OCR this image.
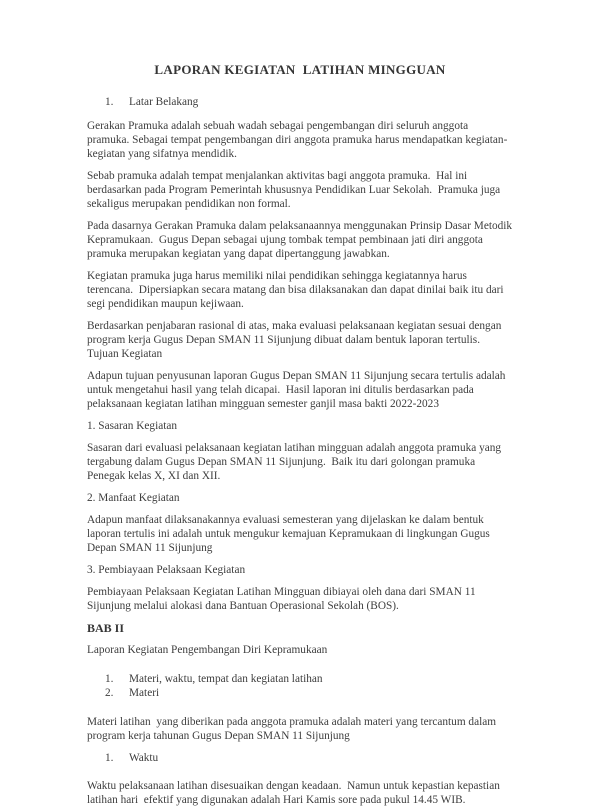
LAPORAN KEGIATAN  LATIHAN MINGGUAN
1. Latar Belakang

Gerakan Pramuka adalah sebuah wadah sebagai pengembangan diri seluruh anggota pramuka. Sebagai tempat pengembangan diri anggota pramuka harus mendapatkan kegiatan-kegiatan yang sifatnya mendidik.

Sebab pramuka adalah tempat menjalankan aktivitas bagi anggota pramuka.  Hal ini berdasarkan pada Program Pemerintah khususnya Pendidikan Luar Sekolah.  Pramuka juga sekaligus merupakan pendidikan non formal.

Pada dasarnya Gerakan Pramuka dalam pelaksanaannya menggunakan Prinsip Dasar Metodik Kepramukaan.  Gugus Depan sebagai ujung tombak tempat pembinaan jati diri anggota pramuka merupakan kegiatan yang dapat dipertanggung jawabkan.

Kegiatan pramuka juga harus memiliki nilai pendidikan sehingga kegiatannya harus terencana.  Dipersiapkan secara matang dan bisa dilaksanakan dan dapat dinilai baik itu dari segi pendidikan maupun kejiwaan.

Berdasarkan penjabaran rasional di atas, maka evaluasi pelaksanaan kegiatan sesuai dengan program kerja Gugus Depan SMAN 11 Sijunjung dibuat dalam bentuk laporan tertulis. Tujuan Kegiatan

Adapun tujuan penyusunan laporan Gugus Depan SMAN 11 Sijunjung secara tertulis adalah untuk mengetahui hasil yang telah dicapai.  Hasil laporan ini ditulis berdasarkan pada pelaksanaan kegiatan latihan mingguan semester ganjil masa bakti 2022-2023

1. Sasaran Kegiatan

Sasaran dari evaluasi pelaksanaan kegiatan latihan mingguan adalah anggota pramuka yang tergabung dalam Gugus Depan SMAN 11 Sijunjung.  Baik itu dari golongan pramuka Penegak kelas X, XI dan XII.

2. Manfaat Kegiatan

Adapun manfaat dilaksanakannya evaluasi semesteran yang dijelaskan ke dalam bentuk laporan tertulis ini adalah untuk mengukur kemajuan Kepramukaan di lingkungan Gugus Depan SMAN 11 Sijunjung

3. Pembiayaan Pelaksaan Kegiatan

Pembiayaan Pelaksaan Kegiatan Latihan Mingguan dibiayai oleh dana dari SMAN 11 Sijunjung melalui alokasi dana Bantuan Operasional Sekolah (BOS).

BAB II

Laporan Kegiatan Pengembangan Diri Kepramukaan

1. Materi, waktu, tempat dan kegiatan latihan
2. Materi

Materi latihan  yang diberikan pada anggota pramuka adalah materi yang tercantum dalam program kerja tahunan Gugus Depan SMAN 11 Sijunjung

1. Waktu

Waktu pelaksanaan latihan disesuaikan dengan keadaan.  Namun untuk kepastian kepastian latihan hari  efektif yang digunakan adalah Hari Kamis sore pada pukul 14.45 WIB.
